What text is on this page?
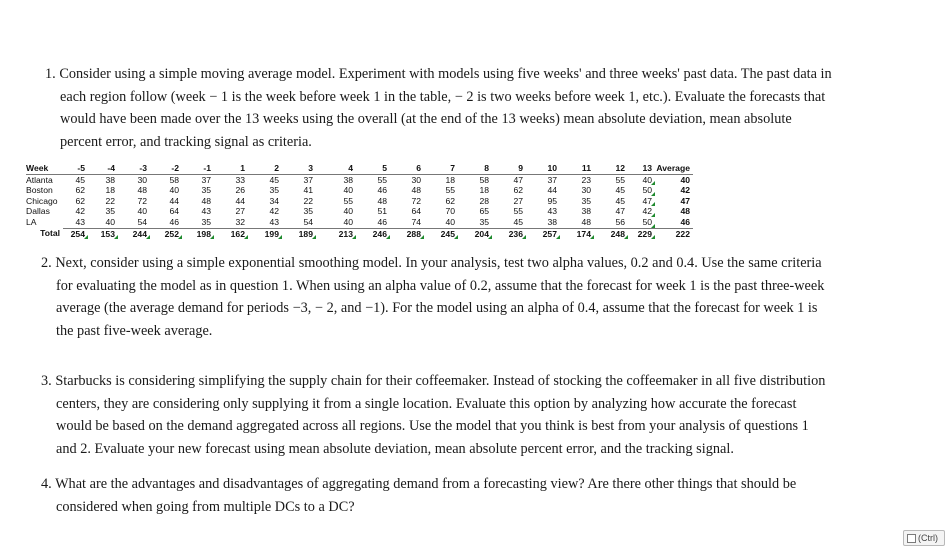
1. Consider using a simple moving average model. Experiment with models using five weeks' and three weeks' past data. The past data in
each region follow (week − 1 is the week before week 1 in the table, − 2 is two weeks before week 1, etc.). Evaluate the forecasts that
would have been made over the 13 weeks using the overall (at the end of the 13 weeks) mean absolute deviation, mean absolute
percent error, and tracking signal as criteria.
Week	-5	-4	-3	-2	-1	1	2	3	4	5	6	7	8	9	10	11	12	13	Average
Atlanta	45	38	30	58	37	33	45	37	38	55	30	18	58	47	37	23	55	40	40
Boston	62	18	48	40	35	26	35	41	40	46	48	55	18	62	44	30	45	50	42
Chicago	62	22	72	44	48	44	34	22	55	48	72	62	28	27	95	35	45	47	47
Dallas	42	35	40	64	43	27	42	35	40	51	64	70	65	55	43	38	47	42	48
LA	43	40	54	46	35	32	43	54	40	46	74	40	35	45	38	48	56	50	46
Total	254	153	244	252	198	162	199	189	213	246	288	245	204	236	257	174	248	229	222
2. Next, consider using a simple exponential smoothing model. In your analysis, test two alpha values, 0.2 and 0.4. Use the same criteria
for evaluating the model as in question 1. When using an alpha value of 0.2, assume that the forecast for week 1 is the past three-week
average (the average demand for periods −3, − 2, and −1). For the model using an alpha of 0.4, assume that the forecast for week 1 is
the past five-week average.
3. Starbucks is considering simplifying the supply chain for their coffeemaker. Instead of stocking the coffeemaker in all five distribution
centers, they are considering only supplying it from a single location. Evaluate this option by analyzing how accurate the forecast
would be based on the demand aggregated across all regions. Use the model that you think is best from your analysis of questions 1
and 2. Evaluate your new forecast using mean absolute deviation, mean absolute percent error, and the tracking signal.
4. What are the advantages and disadvantages of aggregating demand from a forecasting view? Are there other things that should be
considered when going from multiple DCs to a DC?
(Ctrl)
